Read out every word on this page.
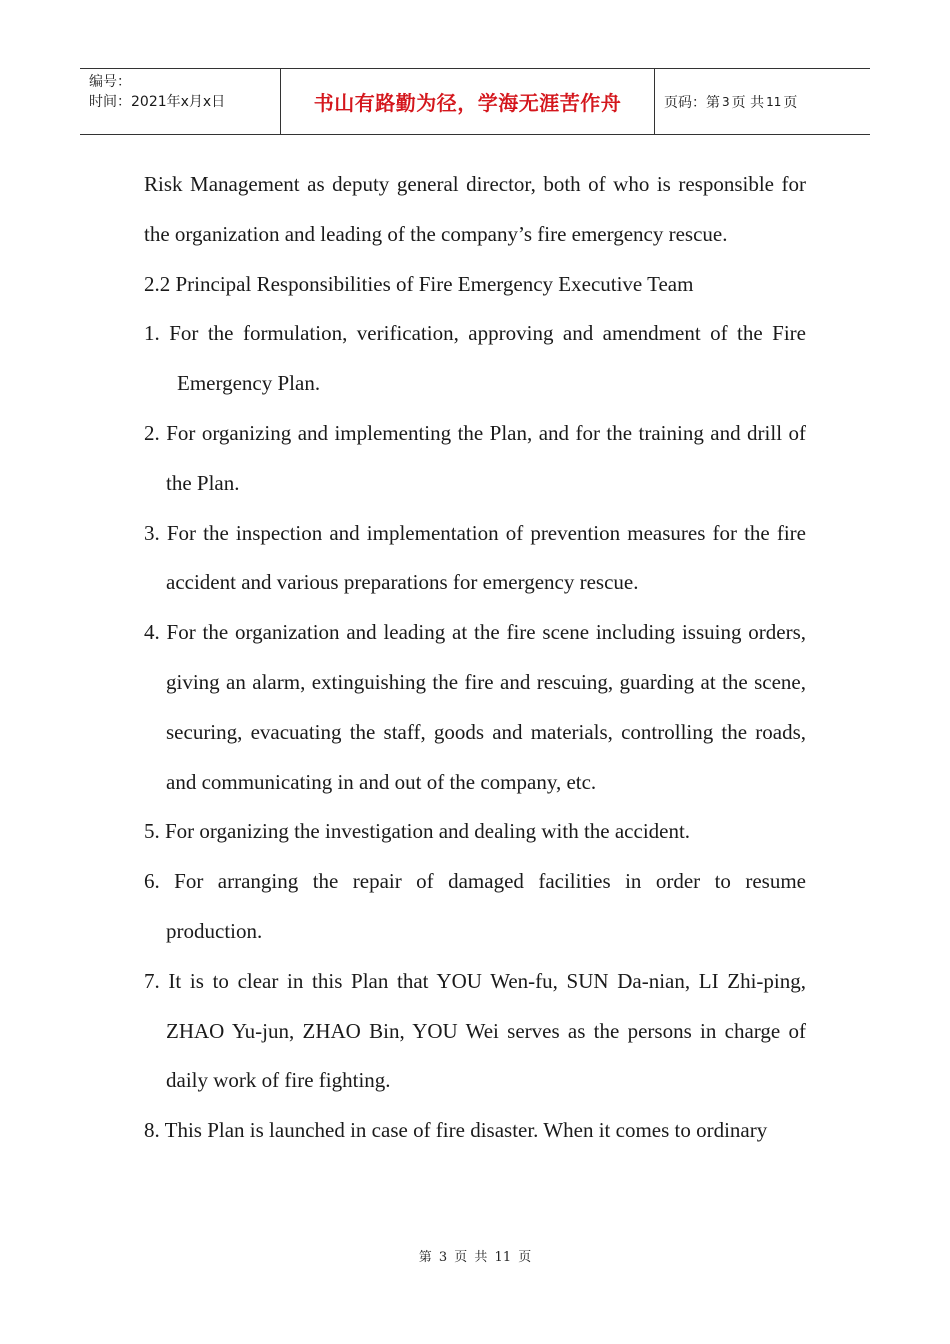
编号：
时间：2021年x月x日	书山有路勤为径，学海无涯苦作舟	页码：第 3 页 共 11 页

Risk Management as deputy general director, both of who is responsible for the organization and leading of the company’s fire emergency rescue.

2.2 Principal Responsibilities of Fire Emergency Executive Team

1. For the formulation, verification, approving and amendment of the Fire Emergency Plan.

2. For organizing and implementing the Plan, and for the training and drill of the Plan.

3. For the inspection and implementation of prevention measures for the fire accident and various preparations for emergency rescue.

4. For the organization and leading at the fire scene including issuing orders, giving an alarm, extinguishing the fire and rescuing, guarding at the scene, securing, evacuating the staff, goods and materials, controlling the roads, and communicating in and out of the company, etc.

5. For organizing the investigation and dealing with the accident.

6. For arranging the repair of damaged facilities in order to resume production.

7. It is to clear in this Plan that YOU Wen-fu, SUN Da-nian, LI Zhi-ping, ZHAO Yu-jun, ZHAO Bin, YOU Wei serves as the persons in charge of daily work of fire fighting.

8. This Plan is launched in case of fire disaster. When it comes to ordinary

第 3 页 共 11 页
